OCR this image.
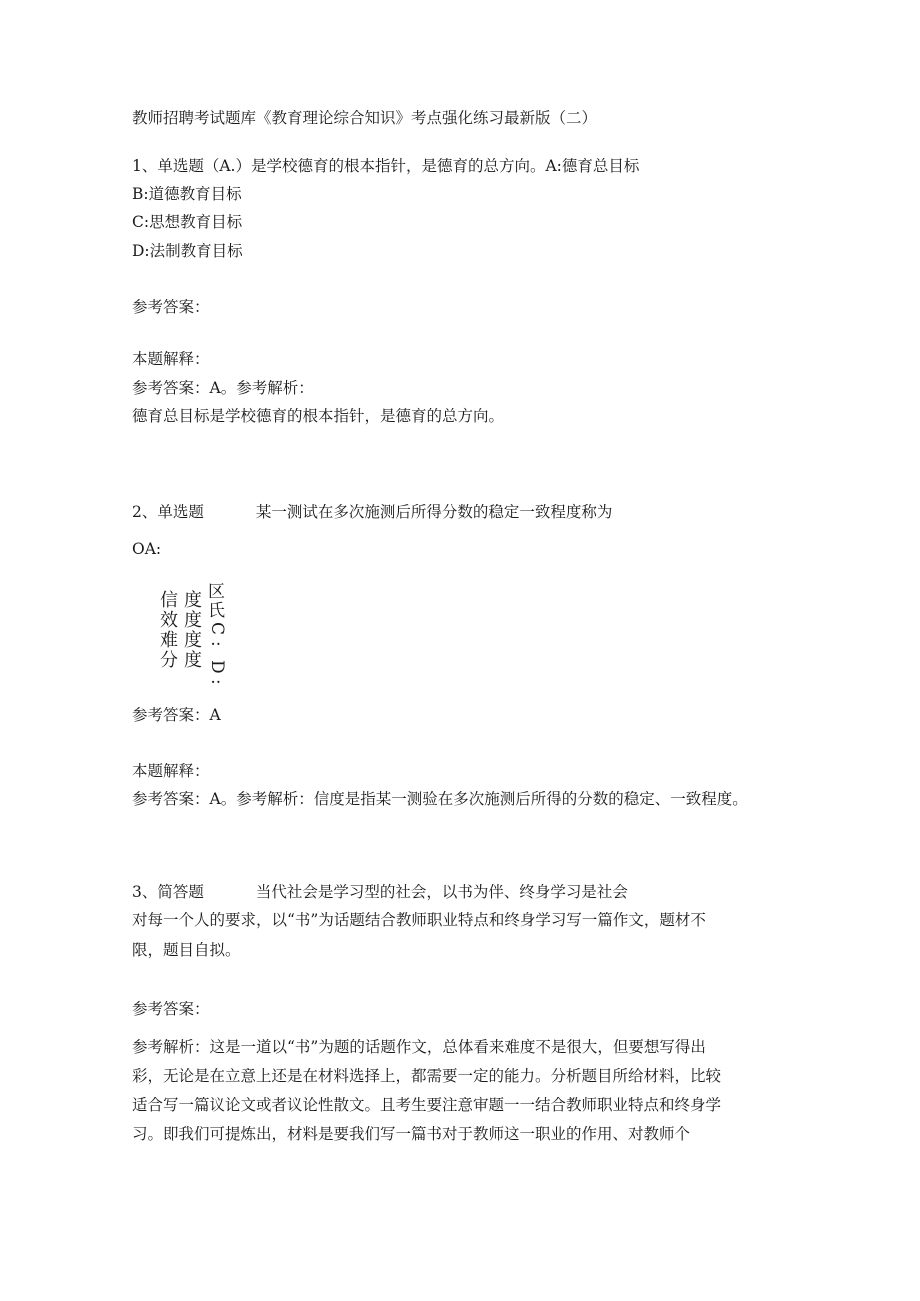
教师招聘考试题库《教育理论综合知识》考点强化练习最新版（二）
1、单选题（A.）是学校德育的根本指针，是德育的总方向。A:德育总目标
B:道德教育目标
C:思想教育目标
D:法制教育目标
参考答案：
本题解释：
参考答案：A。参考解析：
德育总目标是学校德育的根本指针，是德育的总方向。
2、单选题	某一测试在多次施测后所得分数的稳定一致程度称为
OA:
信
效
难
分
度
度
度
度
区
氏
C
:
D
:
参考答案：A
本题解释：
参考答案：A。参考解析：信度是指某一测验在多次施测后所得的分数的稳定、一致程度。
3、简答题	当代社会是学习型的社会，以书为伴、终身学习是社会
对每一个人的要求，以“书”为话题结合教师职业特点和终身学习写一篇作文，题材不
限，题目自拟。
参考答案：
参考解析：这是一道以“书”为题的话题作文，总体看来难度不是很大，但要想写得出
彩，无论是在立意上还是在材料选择上，都需要一定的能力。分析题目所给材料，比较
适合写一篇议论文或者议论性散文。且考生要注意审题一一结合教师职业特点和终身学
习。即我们可提炼出，材料是要我们写一篇书对于教师这一职业的作用、对教师个
